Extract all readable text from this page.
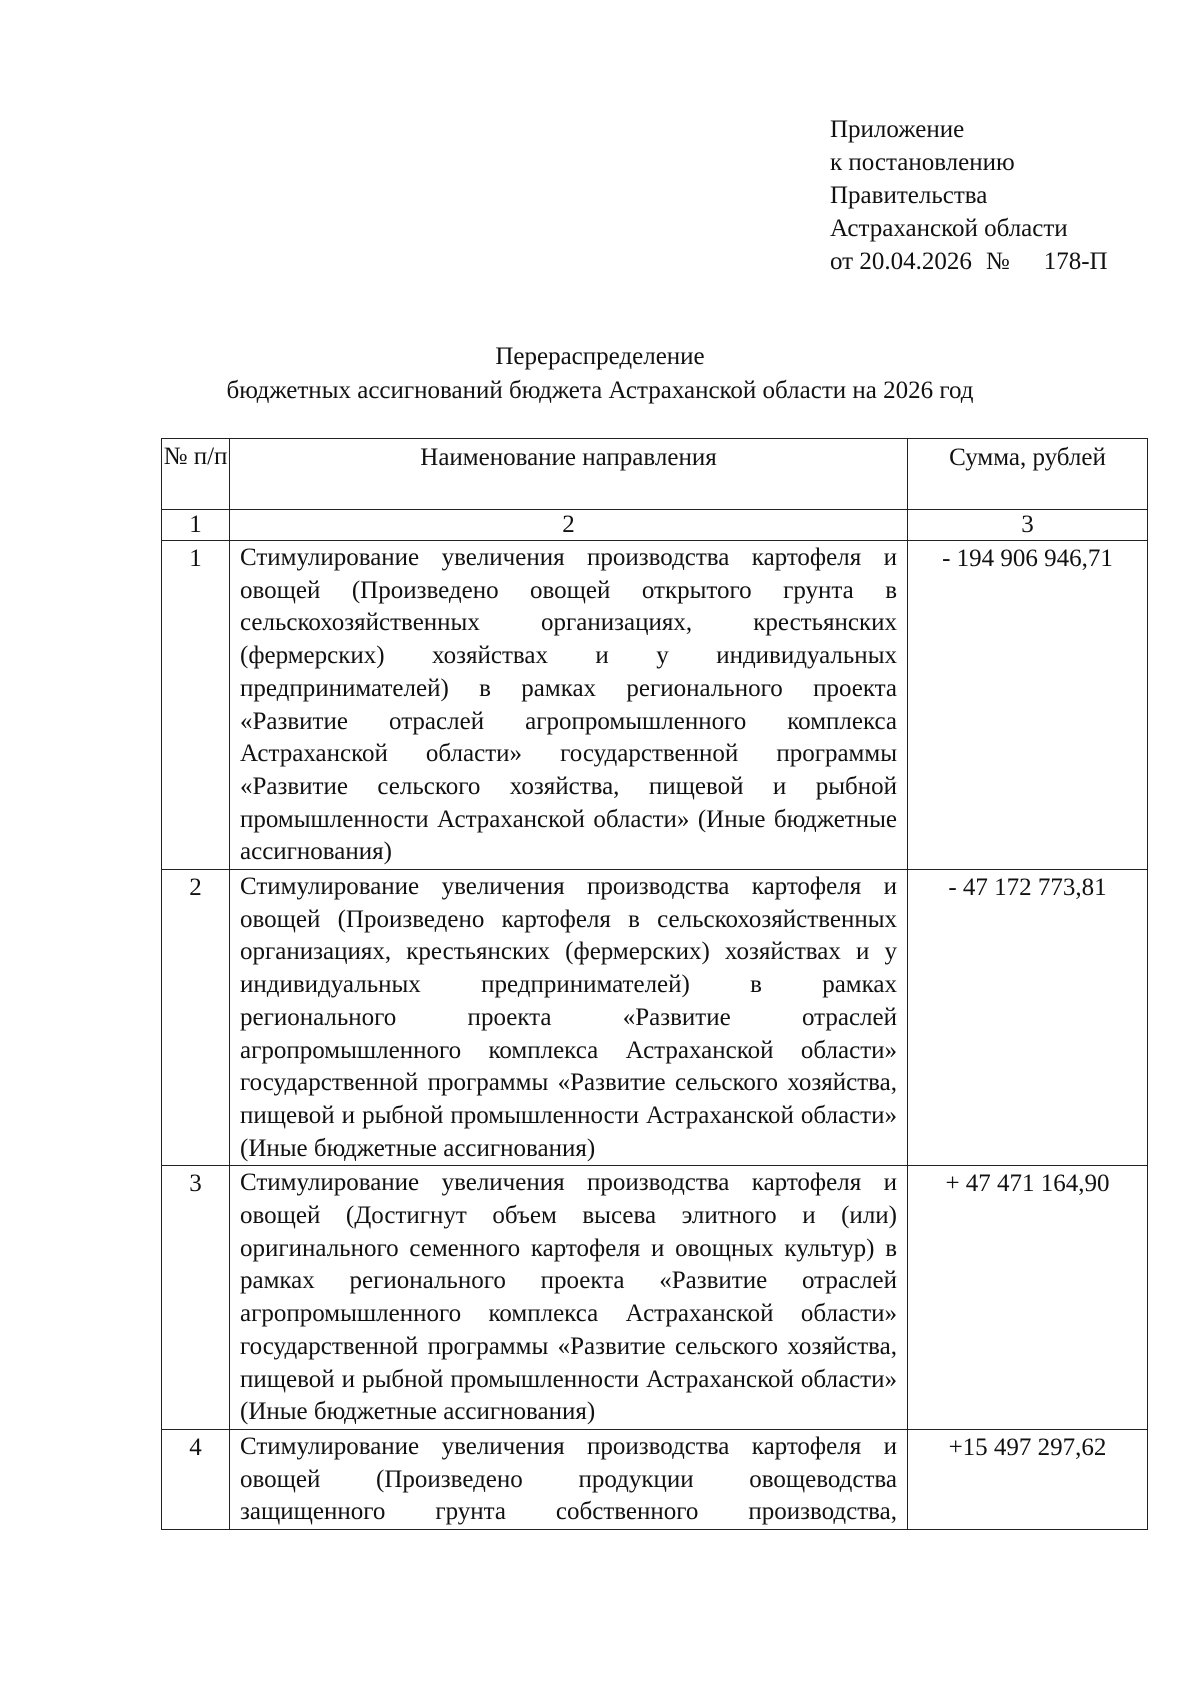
Приложение
к постановлению
Правительства
Астраханской области
от 20.04.2026 № 178-П
Перераспределение
бюджетных ассигнований бюджета Астраханской области на 2026 год
№ п/п	Наименование направления	Сумма, рублей
1	2	3
1	Стимулирование увеличения производства картофеля и овощей (Произведено овощей открытого грунта в сельскохозяйственных организациях, крестьянских (фермерских) хозяйствах и у индивидуальных предпринимателей) в рамках регионального проекта «Развитие отраслей агропромышленного комплекса Астраханской области» государственной программы «Развитие сельского хозяйства, пищевой и рыбной промышленности Астраханской области» (Иные бюджетные ассигнования)	- 194 906 946,71
2	Стимулирование увеличения производства картофеля и овощей (Произведено картофеля в сельскохозяйственных организациях, крестьянских (фермерских) хозяйствах и у индивидуальных предпринимателей) в рамках регионального проекта «Развитие отраслей агропромышленного комплекса Астраханской области» государственной программы «Развитие сельского хозяйства, пищевой и рыбной промышленности Астраханской области» (Иные бюджетные ассигнования)	- 47 172 773,81
3	Стимулирование увеличения производства картофеля и овощей (Достигнут объем высева элитного и (или) оригинального семенного картофеля и овощных культур) в рамках регионального проекта «Развитие отраслей агропромышленного комплекса Астраханской области» государственной программы «Развитие сельского хозяйства, пищевой и рыбной промышленности Астраханской области» (Иные бюджетные ассигнования)	+ 47 471 164,90
4	Стимулирование увеличения производства картофеля и овощей (Произведено продукции овощеводства защищенного грунта собственного производства,	+15 497 297,62
